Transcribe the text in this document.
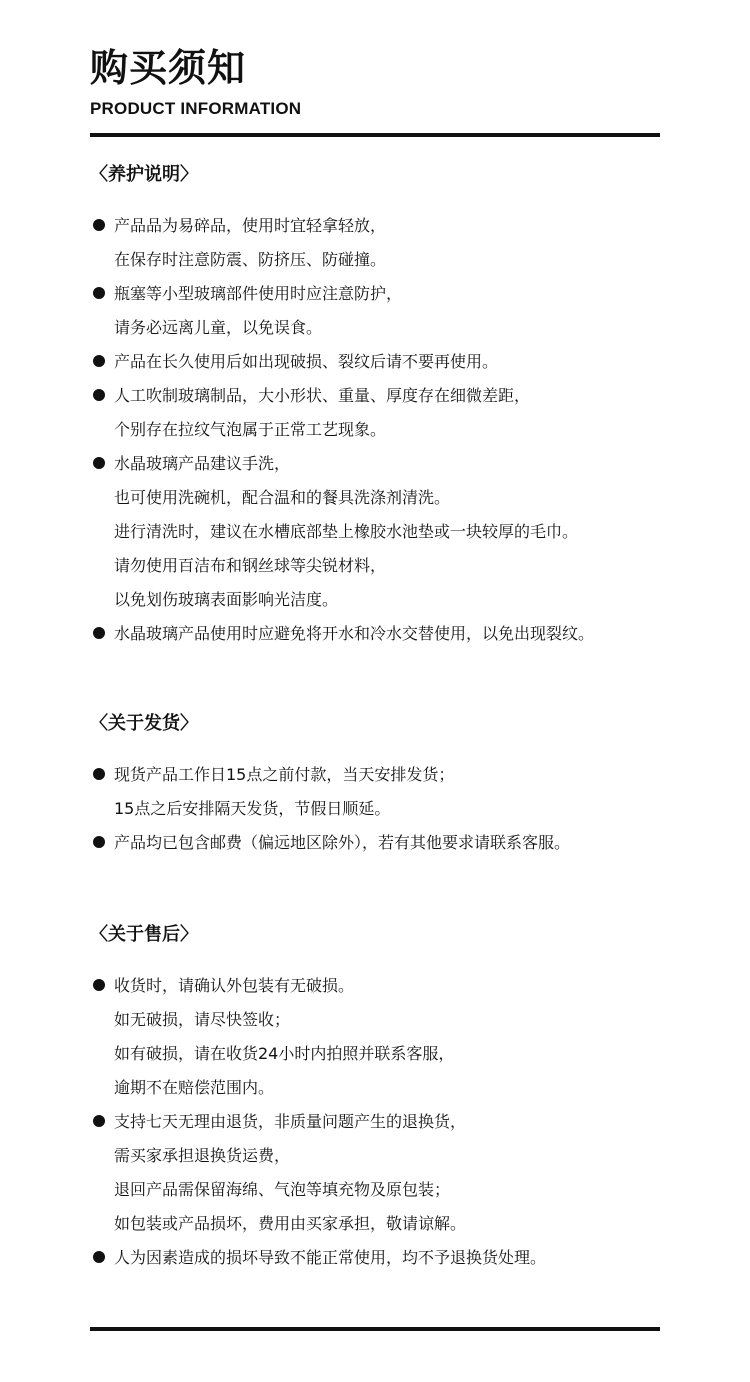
购买须知
PRODUCT INFORMATION
〈养护说明〉
产品品为易碎品，使用时宜轻拿轻放，
在保存时注意防震、防挤压、防碰撞。
瓶塞等小型玻璃部件使用时应注意防护，
请务必远离儿童，以免误食。
产品在长久使用后如出现破损、裂纹后请不要再使用。
人工吹制玻璃制品，大小形状、重量、厚度存在细微差距，
个别存在拉纹气泡属于正常工艺现象。
水晶玻璃产品建议手洗，
也可使用洗碗机，配合温和的餐具洗涤剂清洗。
进行清洗时，建议在水槽底部垫上橡胶水池垫或一块较厚的毛巾。
请勿使用百洁布和钢丝球等尖锐材料，
以免划伤玻璃表面影响光洁度。
水晶玻璃产品使用时应避免将开水和冷水交替使用，以免出现裂纹。
〈关于发货〉
现货产品工作日15点之前付款，当天安排发货；
15点之后安排隔天发货，节假日顺延。
产品均已包含邮费（偏远地区除外），若有其他要求请联系客服。
〈关于售后〉
收货时，请确认外包装有无破损。
如无破损，请尽快签收；
如有破损，请在收货24小时内拍照并联系客服，
逾期不在赔偿范围内。
支持七天无理由退货，非质量问题产生的退换货，
需买家承担退换货运费，
退回产品需保留海绵、气泡等填充物及原包装；
如包装或产品损坏，费用由买家承担，敬请谅解。
人为因素造成的损坏导致不能正常使用，均不予退换货处理。
